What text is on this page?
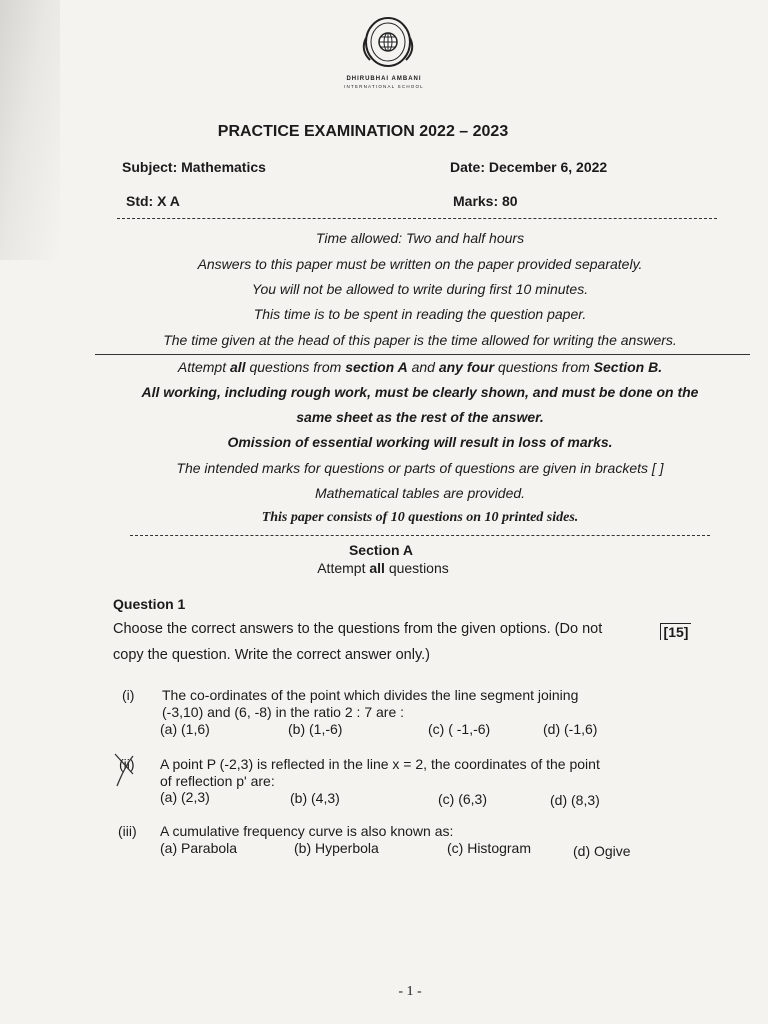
DHIRUBHAI AMBANI
INTERNATIONAL SCHOOL
PRACTICE EXAMINATION 2022 – 2023
Subject: Mathematics	Date: December 6, 2022
Std: X A	Marks: 80
Time allowed: Two and half hours
Answers to this paper must be written on the paper provided separately.
You will not be allowed to write during first 10 minutes.
This time is to be spent in reading the question paper.
The time given at the head of this paper is the time allowed for writing the answers.
Attempt all questions from section A and any four questions from Section B.
All working, including rough work, must be clearly shown, and must be done on the
same sheet as the rest of the answer.
Omission of essential working will result in loss of marks.
The intended marks for questions or parts of questions are given in brackets [ ]
Mathematical tables are provided.
This paper consists of 10 questions on 10 printed sides.
Section A
Attempt all questions
Question 1
Choose the correct answers to the questions from the given options. (Do not
copy the question. Write the correct answer only.)
[15]
(i) The co-ordinates of the point which divides the line segment joining
(-3,10) and (6, -8) in the ratio 2 : 7 are :
(a) (1,6)	(b) (1,-6)	(c) ( -1,-6)	(d) (-1,6)
(ii) A point P (-2,3) is reflected in the line x = 2, the coordinates of the point
of reflection p' are:
(a) (2,3)	(b) (4,3)	(c) (6,3)	(d) (8,3)
(iii) A cumulative frequency curve is also known as:
(a) Parabola	(b) Hyperbola	(c) Histogram	(d) Ogive
- 1 -
